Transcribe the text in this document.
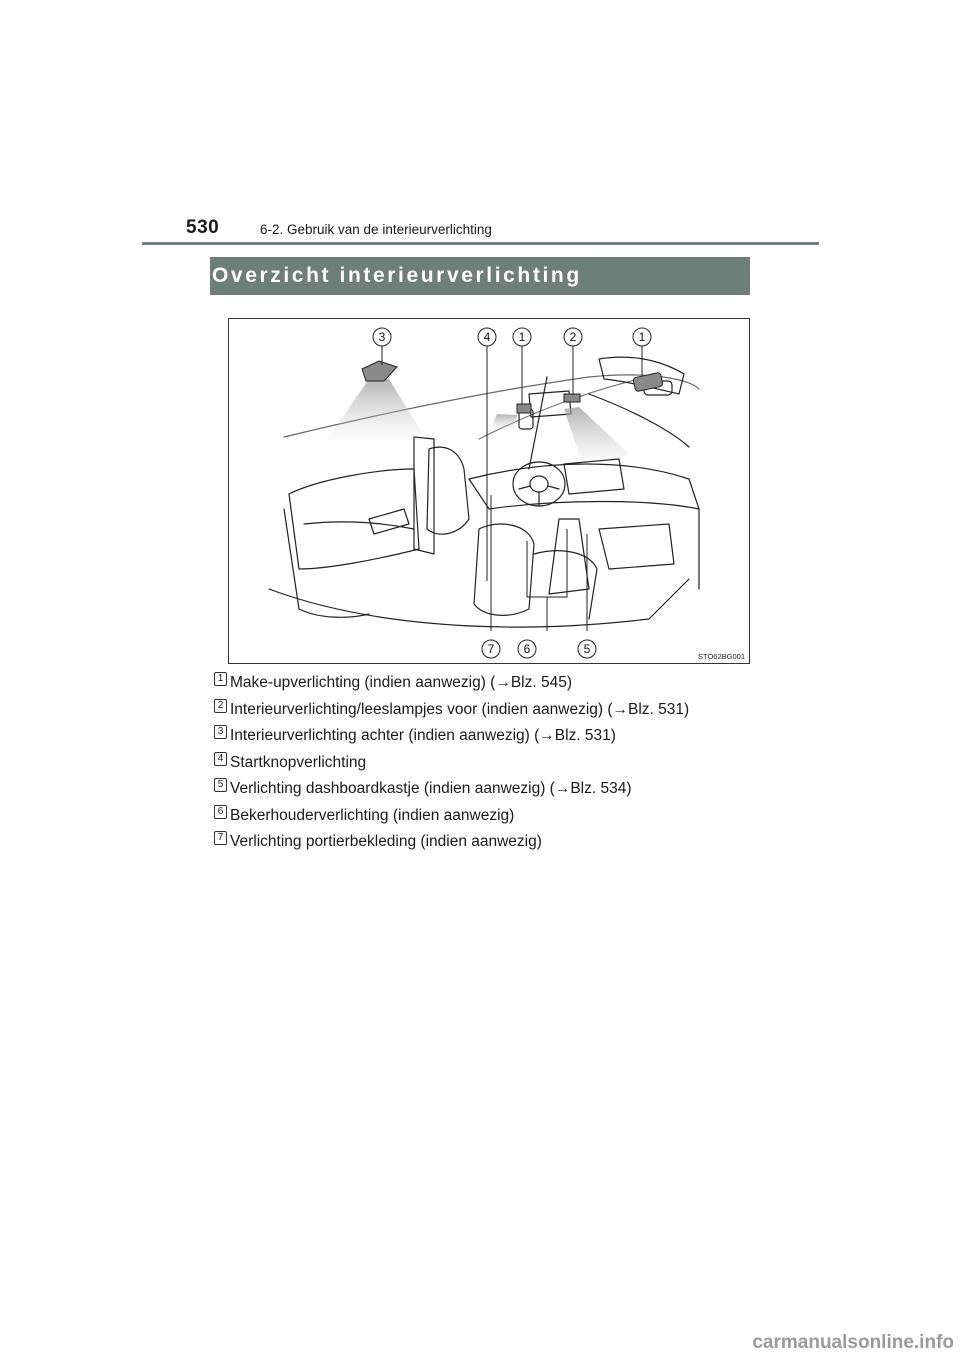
530	6-2. Gebruik van de interieurverlichting
Overzicht interieurverlichting
3	4 1	2	1
7 6	5
STO62BG001
1 Make-upverlichting (indien aanwezig) (→Blz. 545)
2 Interieurverlichting/leeslampjes voor (indien aanwezig) (→Blz. 531)
3 Interieurverlichting achter (indien aanwezig) (→Blz. 531)
4 Startknopverlichting
5 Verlichting dashboardkastje (indien aanwezig) (→Blz. 534)
6 Bekerhouderverlichting (indien aanwezig)
7 Verlichting portierbekleding (indien aanwezig)
carmanualsonline.info
